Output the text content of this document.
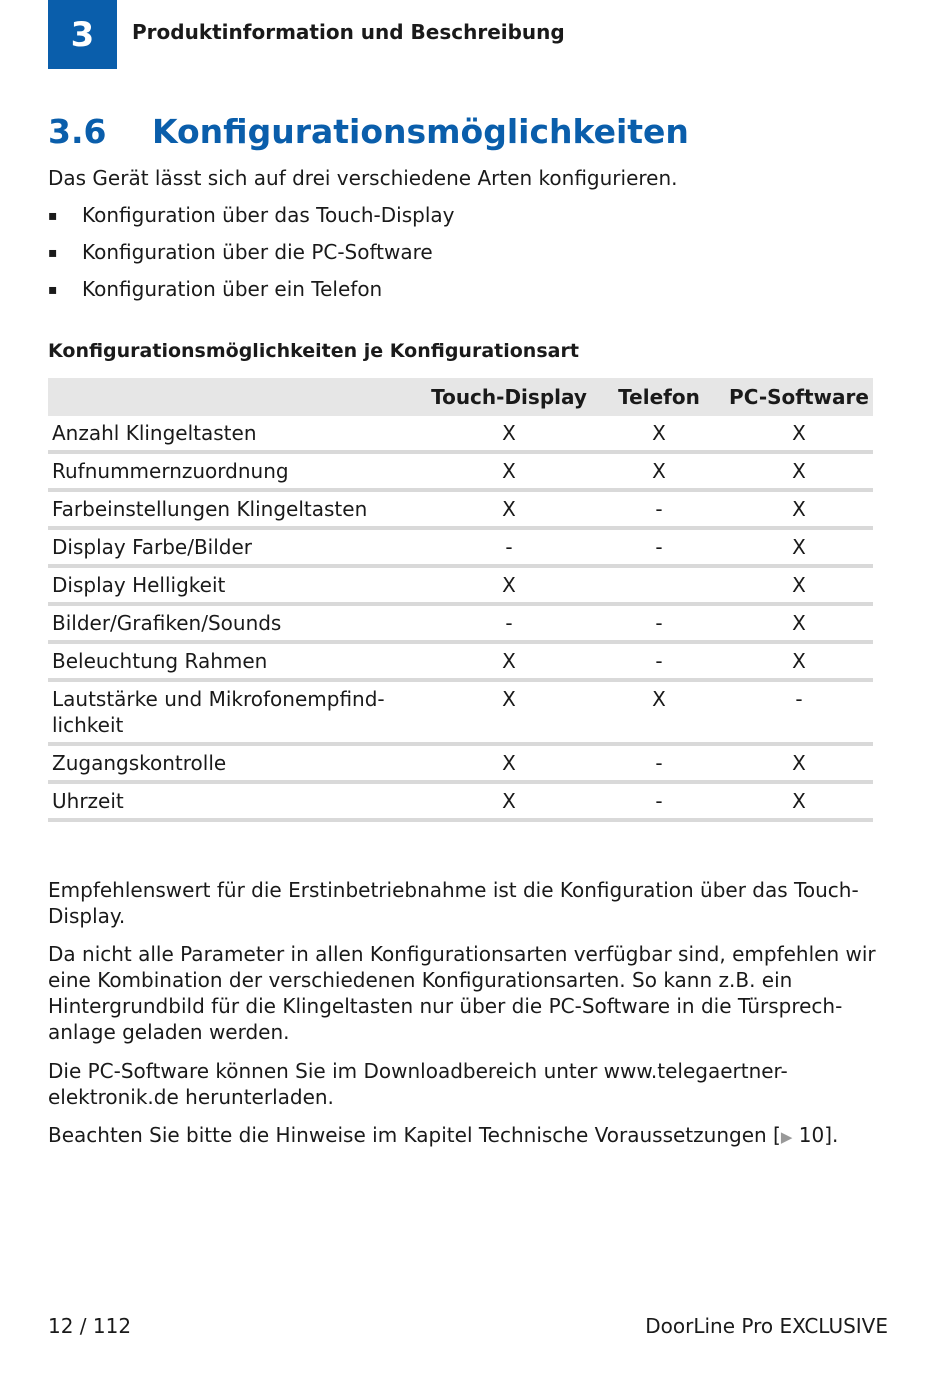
3	Produktinformation und Beschreibung
3.6	Konfigurationsmöglichkeiten
Das Gerät lässt sich auf drei verschiedene Arten konfigurieren.
▪	Konfiguration über das Touch-Display
▪	Konfiguration über die PC-Software
▪	Konfiguration über ein Telefon
Konfigurationsmöglichkeiten je Konfigurationsart
	Touch-Display	Telefon	PC-Software
Anzahl Klingeltasten	X	X	X
Rufnummernzuordnung	X	X	X
Farbeinstellungen Klingeltasten	X	-	X
Display Farbe/Bilder	-	-	X
Display Helligkeit	X		X
Bilder/Grafiken/Sounds	-	-	X
Beleuchtung Rahmen	X	-	X
Lautstärke und Mikrofonempfind-
lichkeit	X	X	-
Zugangskontrolle	X	-	X
Uhrzeit	X	-	X

Empfehlenswert für die Erstinbetriebnahme ist die Konfiguration über das Touch-Display.

Da nicht alle Parameter in allen Konfigurationsarten verfügbar sind, empfehlen wir eine Kombination der verschiedenen Konfigurationsarten. So kann z.B. ein Hintergrundbild für die Klingeltasten nur über die PC-Software in die Türsprech-anlage geladen werden.

Die PC-Software können Sie im Downloadbereich unter www.telegaertner-elektronik.de herunterladen.

Beachten Sie bitte die Hinweise im Kapitel Technische Voraussetzungen [▶ 10].

12 / 112	DoorLine Pro EXCLUSIVE
